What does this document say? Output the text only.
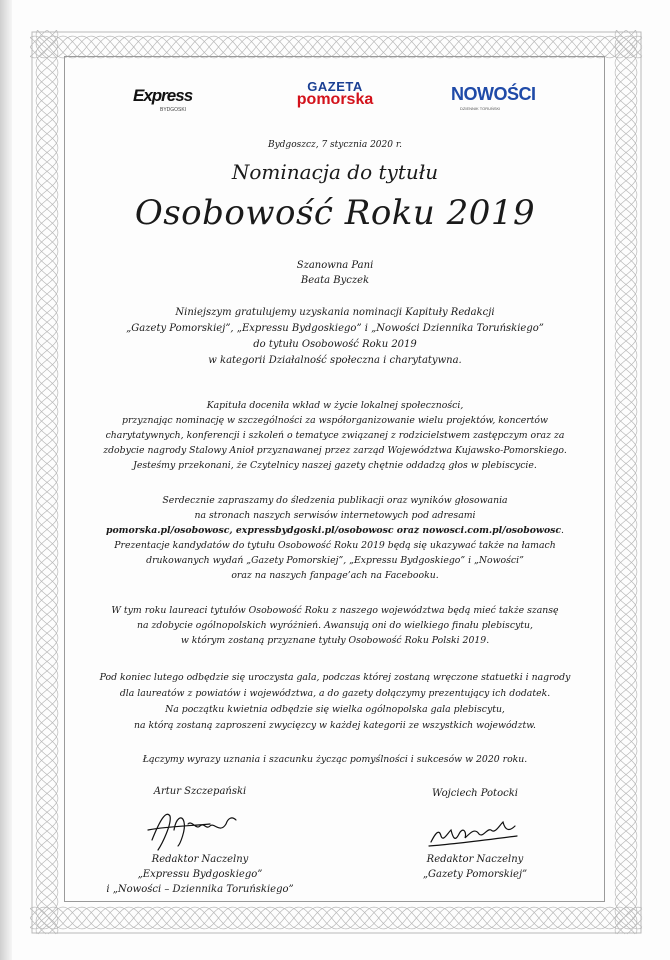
Express
BYDGOSKI
GAZETA
pomorska	NOWOŚCI
DZIENNIK TORUŃSKI
Bydgoszcz, 7 stycznia 2020 r.
Nominacja do tytułu
Osobowość Roku 2019
Szanowna Pani
Beata Byczek
Niniejszym gratulujemy uzyskania nominacji Kapituły Redakcji
„Gazety Pomorskiej”, „Expressu Bydgoskiego” i „Nowości Dziennika Toruńskiego”
do tytułu Osobowość Roku 2019
w kategorii Działalność społeczna i charytatywna.
Kapituła doceniła wkład w życie lokalnej społeczności,
przyznając nominację w szczególności za współorganizowanie wielu projektów, koncertów
charytatywnych, konferencji i szkoleń o tematyce związanej z rodzicielstwem zastępczym oraz za
zdobycie nagrody Stalowy Anioł przyznawanej przez zarząd Województwa Kujawsko-Pomorskiego.
Jesteśmy przekonani, że Czytelnicy naszej gazety chętnie oddadzą głos w plebiscycie.
Serdecznie zapraszamy do śledzenia publikacji oraz wyników głosowania
na stronach naszych serwisów internetowych pod adresami
pomorska.pl/osobowosc, expressbydgoski.pl/osobowosc oraz nowosci.com.pl/osobowosc.
Prezentacje kandydatów do tytułu Osobowość Roku 2019 będą się ukazywać także na łamach
drukowanych wydań „Gazety Pomorskiej”, „Expressu Bydgoskiego” i „Nowości”
oraz na naszych fanpage’ach na Facebooku.
W tym roku laureaci tytułów Osobowość Roku z naszego województwa będą mieć także szansę
na zdobycie ogólnopolskich wyróżnień. Awansują oni do wielkiego finału plebiscytu,
w którym zostaną przyznane tytuły Osobowość Roku Polski 2019.
Pod koniec lutego odbędzie się uroczysta gala, podczas której zostaną wręczone statuetki i nagrody
dla laureatów z powiatów i województwa, a do gazety dołączymy prezentujący ich dodatek.
Na początku kwietnia odbędzie się wielka ogólnopolska gala plebiscytu,
na którą zostaną zaproszeni zwycięzcy w każdej kategorii ze wszystkich województw.
Łączymy wyrazy uznania i szacunku życząc pomyślności i sukcesów w 2020 roku.
Artur Szczepański
Redaktor Naczelny
„Expressu Bydgoskiego”
i „Nowości – Dziennika Toruńskiego”
Wojciech Potocki
Redaktor Naczelny
„Gazety Pomorskiej”
